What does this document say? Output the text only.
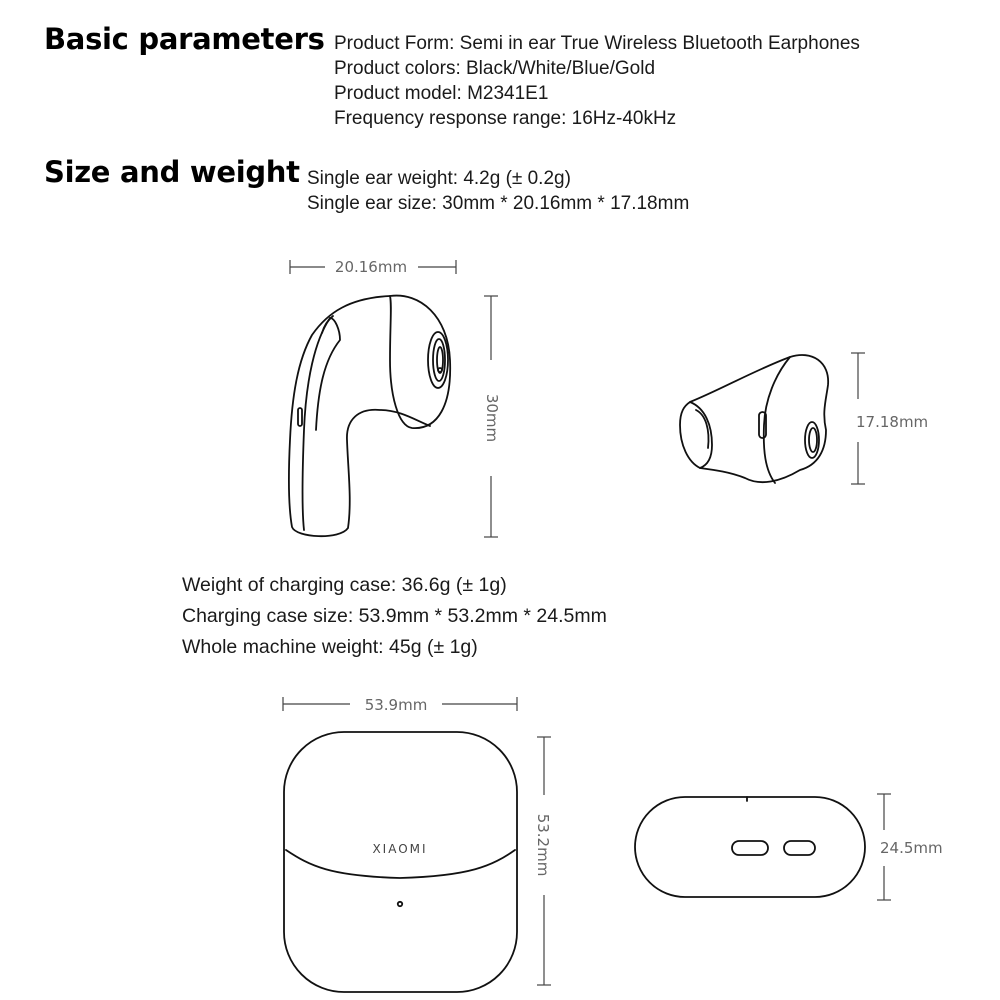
Basic parameters Product Form: Semi in ear True Wireless Bluetooth Earphones
Product colors: Black/White/Blue/Gold
Product model: M2341E1
Frequency response range: 16Hz-40kHz
Size and weight Single ear weight: 4.2g (± 0.2g)
Single ear size: 30mm * 20.16mm * 17.18mm
Weight of charging case: 36.6g (± 1g)
Charging case size: 53.9mm * 53.2mm * 24.5mm
Whole machine weight: 45g (± 1g)
20.16mm
30mm	17.18mm
53.9mm
53.2mm	24.5mm
XIAOMI
